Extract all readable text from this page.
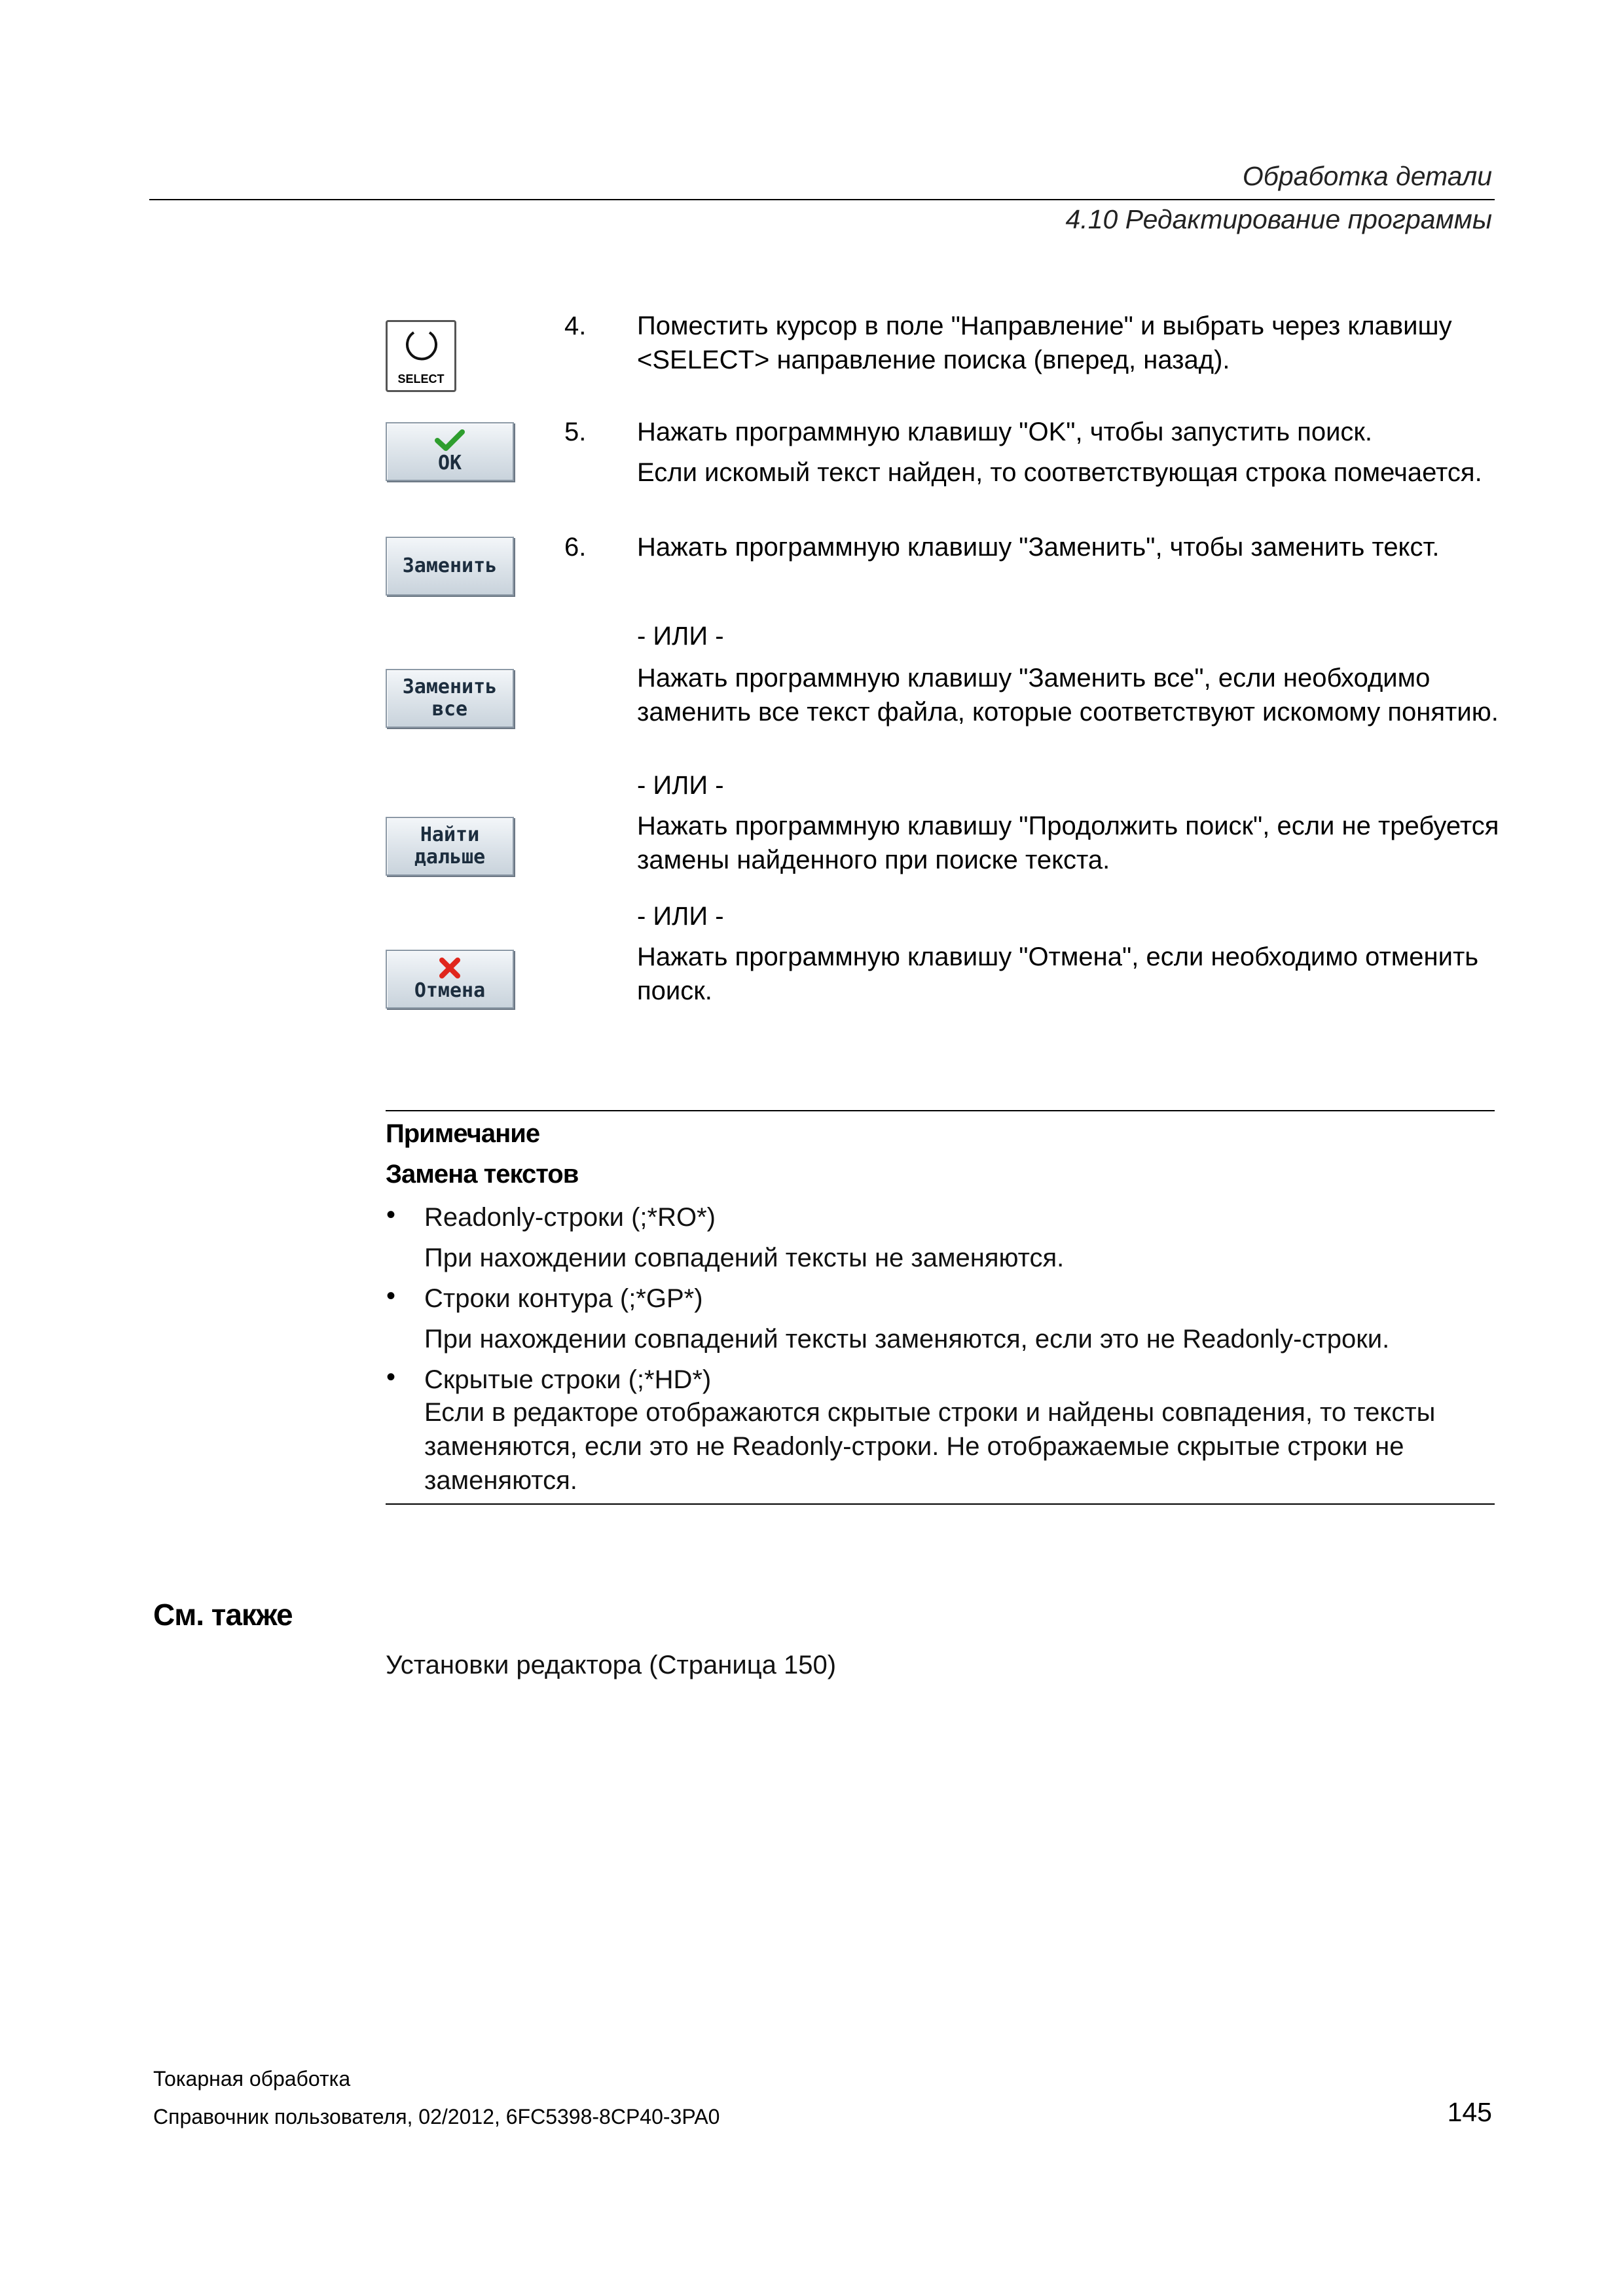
Обработка детали
4.10 Редактирование программы
SELECT
OK
Заменить
Заменить
все
Найти
дальше
Отмена
4. Поместить курсор в поле "Направление" и выбрать через клавишу <SELECT> направление поиска (вперед, назад).
5. Нажать программную клавишу "OK", чтобы запустить поиск.
Если искомый текст найден, то соответствующая строка помечается.
6. Нажать программную клавишу "Заменить", чтобы заменить текст.
- ИЛИ -
Нажать программную клавишу "Заменить все", если необходимо заменить все текст файла, которые соответствуют искомому понятию.
- ИЛИ -
Нажать программную клавишу "Продолжить поиск", если не требуется замены найденного при поиске текста.
- ИЛИ -
Нажать программную клавишу "Отмена", если необходимо отменить поиск.
Примечание
Замена текстов
• Readonly-строки (;*RO*)
При нахождении совпадений тексты не заменяются.
• Строки контура (;*GP*)
При нахождении совпадений тексты заменяются, если это не Readonly-строки.
• Скрытые строки (;*HD*)
Если в редакторе отображаются скрытые строки и найдены совпадения, то тексты заменяются, если это не Readonly-строки. Не отображаемые скрытые строки не заменяются.
См. также
Установки редактора (Страница 150)
Токарная обработка
Справочник пользователя, 02/2012, 6FC5398-8CP40-3PA0	145
